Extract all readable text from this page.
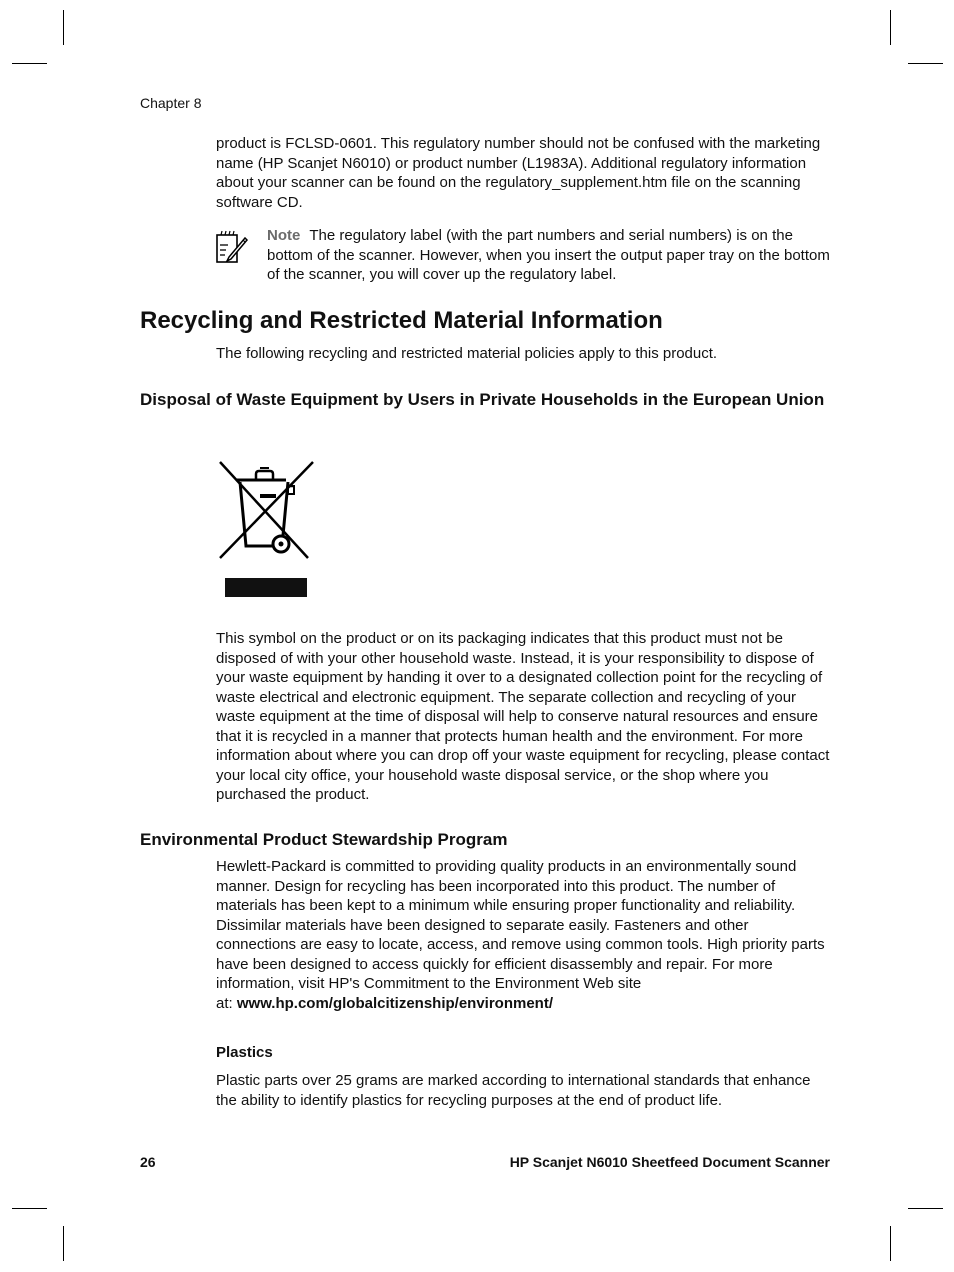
Chapter 8

product is FCLSD-0601. This regulatory number should not be confused with the marketing name (HP Scanjet N6010) or product number (L1983A). Additional regulatory information about your scanner can be found on the regulatory_supplement.htm file on the scanning software CD.

Note The regulatory label (with the part numbers and serial numbers) is on the bottom of the scanner. However, when you insert the output paper tray on the bottom of the scanner, you will cover up the regulatory label.
Recycling and Restricted Material Information

The following recycling and restricted material policies apply to this product.

Disposal of Waste Equipment by Users in Private Households in the European Union

This symbol on the product or on its packaging indicates that this product must not be disposed of with your other household waste. Instead, it is your responsibility to dispose of your waste equipment by handing it over to a designated collection point for the recycling of waste electrical and electronic equipment. The separate collection and recycling of your waste equipment at the time of disposal will help to conserve natural resources and ensure that it is recycled in a manner that protects human health and the environment. For more information about where you can drop off your waste equipment for recycling, please contact your local city office, your household waste disposal service, or the shop where you purchased the product.

Environmental Product Stewardship Program

Hewlett-Packard is committed to providing quality products in an environmentally sound manner. Design for recycling has been incorporated into this product. The number of materials has been kept to a minimum while ensuring proper functionality and reliability. Dissimilar materials have been designed to separate easily. Fasteners and other connections are easy to locate, access, and remove using common tools. High priority parts have been designed to access quickly for efficient disassembly and repair. For more information, visit HP's Commitment to the Environment Web site
at: www.hp.com/globalcitizenship/environment/

Plastics

Plastic parts over 25 grams are marked according to international standards that enhance the ability to identify plastics for recycling purposes at the end of product life.

26	HP Scanjet N6010 Sheetfeed Document Scanner
